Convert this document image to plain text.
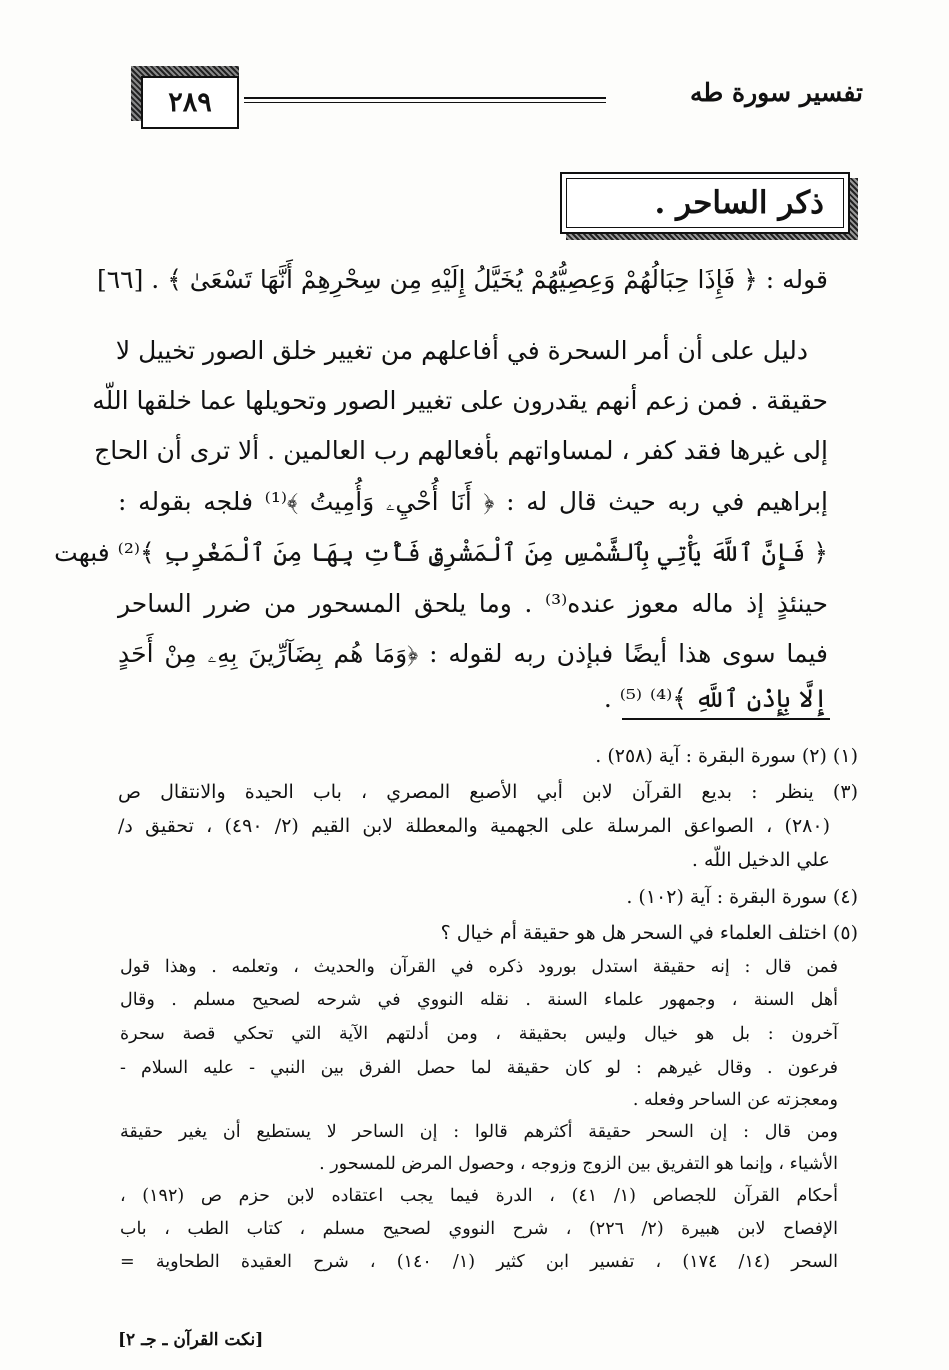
٢٨٩	تفسير سورة طه
ذكر الساحر .
قوله : ﴿ فَإِذَا حِبَالُهُمْ وَعِصِيُّهُمْ يُخَيَّلُ إِلَيْهِ مِن سِحْرِهِمْ أَنَّهَا تَسْعَىٰ ﴾ . [٦٦]
دليل على أن أمر السحرة في أفاعلهم من تغيير خلق الصور تخييل لا
حقيقة . فمن زعم أنهم يقدرون على تغيير الصور وتحويلها عما خلقها اللّه
إلى غيرها فقد كفر ، لمساواتهم بأفعالهم رب العالمين . ألا ترى أن الحاج
إبراهيم في ربه حيث قال له : ﴿ أَنَا أُحْيِۦ وَأُمِيتُ ﴾⁽¹⁾ فلجه بقوله :
﴿ فَإِنَّ ٱللَّهَ يَأْتِي بِٱلشَّمْسِ مِنَ ٱلْمَشْرِقِ فَأْتِ بِهَا مِنَ ٱلْمَغْرِبِ ﴾⁽²⁾ فبهت
حينئذٍ إذ ماله معوز عنده⁽³⁾ . وما يلحق المسحور من ضرر الساحر
فيما سوى هذا أيضًا فبإذن ربه لقوله : ﴿وَمَا هُم بِضَآرِّينَ بِهِۦ مِنْ أَحَدٍ
إِلَّا بِإِذْنِ ٱللَّهِ ﴾⁽⁴⁾ ⁽⁵⁾ .
(١) (٢) سورة البقرة : آية (٢٥٨) .
(٣) ينظر : بديع القرآن لابن أبي الأصبع المصري ، باب الحيدة والانتقال ص
(٢٨٠) ، الصواعق المرسلة على الجهمية والمعطلة لابن القيم (٢/ ٤٩٠) ، تحقيق د/
علي الدخيل اللّه .
(٤) سورة البقرة : آية (١٠٢) .
(٥) اختلف العلماء في السحر هل هو حقيقة أم خيال ؟
فمن قال : إنه حقيقة استدل بورود ذكره في القرآن والحديث ، وتعلمه . وهذا قول
أهل السنة ، وجمهور علماء السنة . نقله النووي في شرحه لصحيح مسلم . وقال
آخرون : بل هو خيال وليس بحقيقة ، ومن أدلتهم الآية التي تحكي قصة سحرة
فرعون . وقال غيرهم : لو كان حقيقة لما حصل الفرق بين النبي - عليه السلام -
ومعجزته عن الساحر وفعله .
ومن قال : إن السحر حقيقة أكثرهم قالوا : إن الساحر لا يستطيع أن يغير حقيقة
الأشياء ، وإنما هو التفريق بين الزوج وزوجه ، وحصول المرض للمسحور .
أحكام القرآن للجصاص (١/ ٤١) ، الدرة فيما يجب اعتقاده لابن حزم ص (١٩٢) ،
الإفصاح لابن هبيرة (٢/ ٢٢٦) ، شرح النووي لصحيح مسلم ، كتاب الطب ، باب
السحر (١٤/ ١٧٤) ، تفسير ابن كثير (١/ ١٤٠) ، شرح العقيدة الطحاوية =
[نكت القرآن ـ جـ ٢]
